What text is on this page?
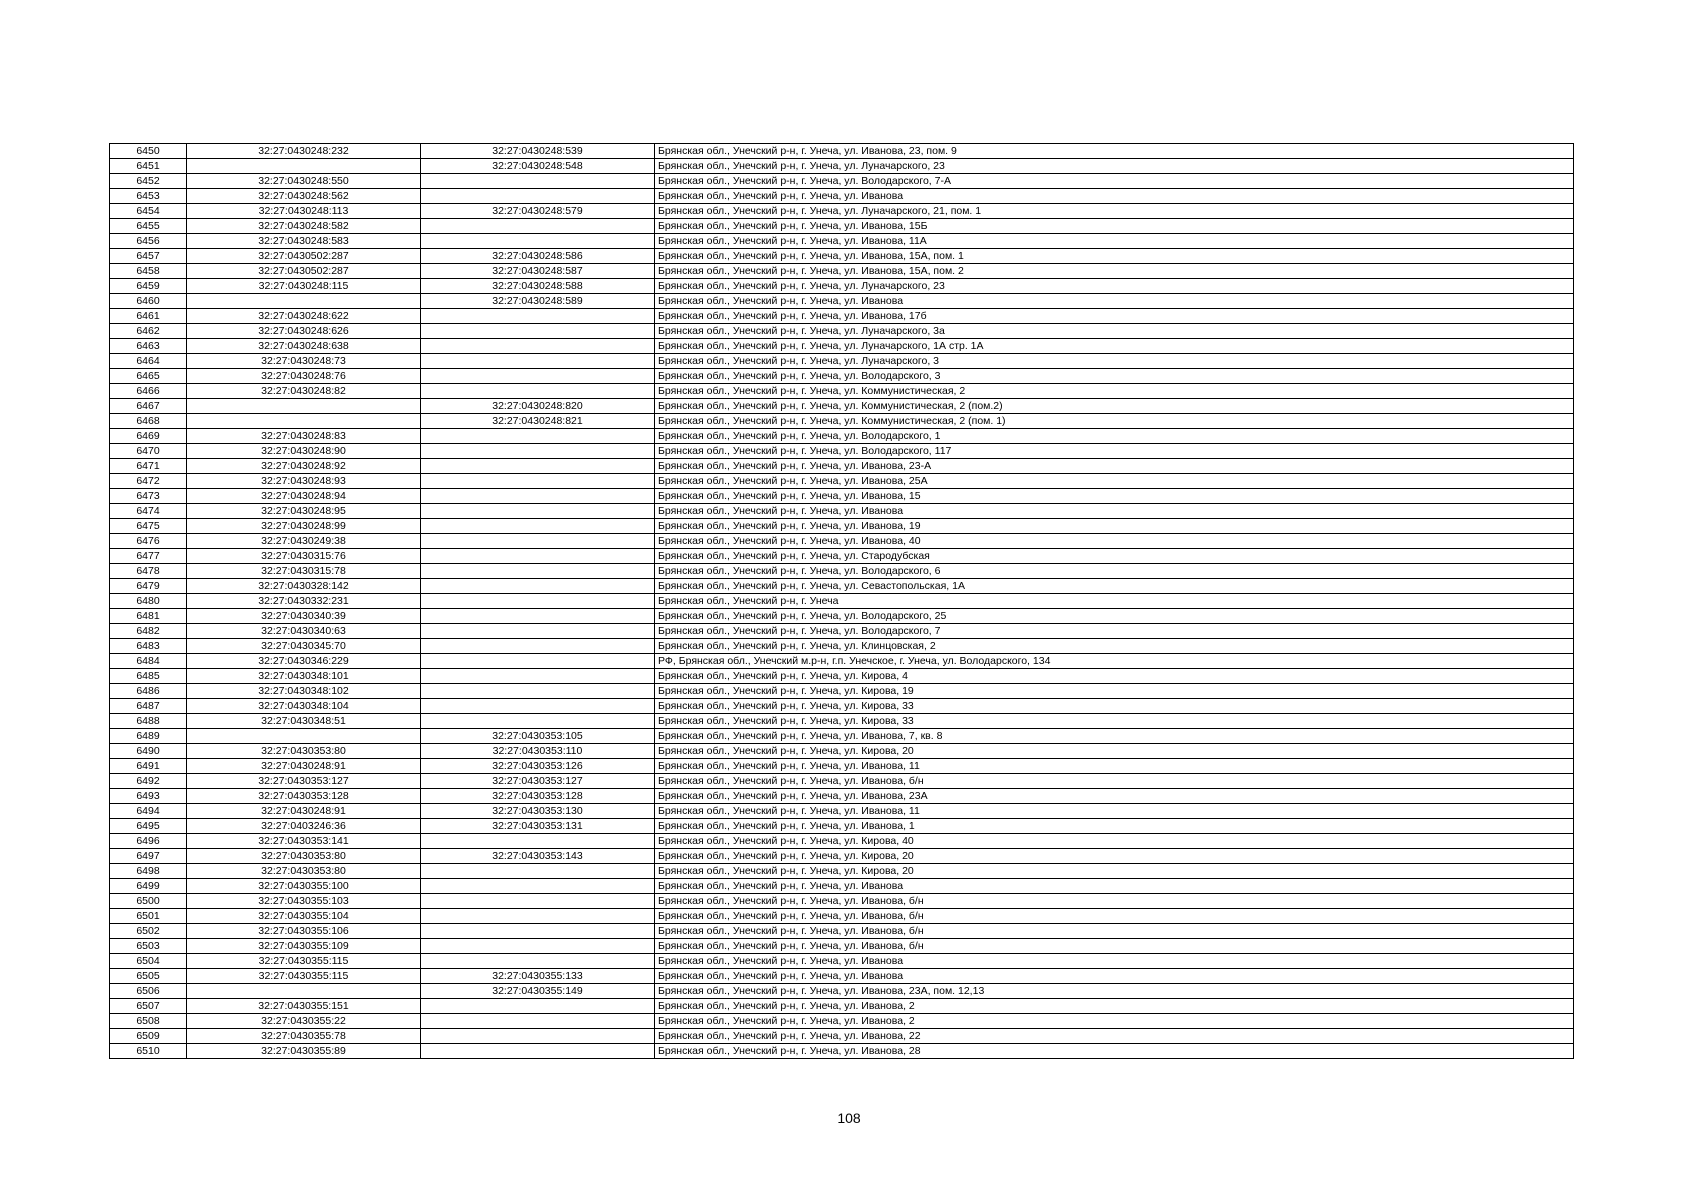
6450	32:27:0430248:232	32:27:0430248:539	Брянская обл., Унечский р-н, г. Унеча, ул. Иванова, 23, пом. 9
6451		32:27:0430248:548	Брянская обл., Унечский р-н, г. Унеча, ул. Луначарского, 23
6452	32:27:0430248:550		Брянская обл., Унечский р-н, г. Унеча, ул. Володарского, 7-А
6453	32:27:0430248:562		Брянская обл., Унечский р-н, г. Унеча, ул. Иванова
6454	32:27:0430248:113	32:27:0430248:579	Брянская обл., Унечский р-н, г. Унеча, ул. Луначарского, 21, пом. 1
6455	32:27:0430248:582		Брянская обл., Унечский р-н, г. Унеча, ул. Иванова, 15Б
6456	32:27:0430248:583		Брянская обл., Унечский р-н, г. Унеча, ул. Иванова, 11А
6457	32:27:0430502:287	32:27:0430248:586	Брянская обл., Унечский р-н, г. Унеча, ул. Иванова, 15А, пом. 1
6458	32:27:0430502:287	32:27:0430248:587	Брянская обл., Унечский р-н, г. Унеча, ул. Иванова, 15А, пом. 2
6459	32:27:0430248:115	32:27:0430248:588	Брянская обл., Унечский р-н, г. Унеча, ул. Луначарского, 23
6460		32:27:0430248:589	Брянская обл., Унечский р-н, г. Унеча, ул. Иванова
6461	32:27:0430248:622		Брянская обл., Унечский р-н, г. Унеча, ул. Иванова, 17б
6462	32:27:0430248:626		Брянская обл., Унечский р-н, г. Унеча, ул. Луначарского, 3а
6463	32:27:0430248:638		Брянская обл., Унечский р-н, г. Унеча, ул. Луначарского, 1А стр. 1А
6464	32:27:0430248:73		Брянская обл., Унечский р-н, г. Унеча, ул. Луначарского, 3
6465	32:27:0430248:76		Брянская обл., Унечский р-н, г. Унеча, ул. Володарского, 3
6466	32:27:0430248:82		Брянская обл., Унечский р-н, г. Унеча, ул. Коммунистическая, 2
6467		32:27:0430248:820	Брянская обл., Унечский р-н, г. Унеча, ул. Коммунистическая, 2 (пом.2)
6468		32:27:0430248:821	Брянская обл., Унечский р-н, г. Унеча, ул. Коммунистическая, 2 (пом. 1)
6469	32:27:0430248:83		Брянская обл., Унечский р-н, г. Унеча, ул. Володарского, 1
6470	32:27:0430248:90		Брянская обл., Унечский р-н, г. Унеча, ул. Володарского, 117
6471	32:27:0430248:92		Брянская обл., Унечский р-н, г. Унеча, ул. Иванова, 23-А
6472	32:27:0430248:93		Брянская обл., Унечский р-н, г. Унеча, ул. Иванова, 25А
6473	32:27:0430248:94		Брянская обл., Унечский р-н, г. Унеча, ул. Иванова, 15
6474	32:27:0430248:95		Брянская обл., Унечский р-н, г. Унеча, ул. Иванова
6475	32:27:0430248:99		Брянская обл., Унечский р-н, г. Унеча, ул. Иванова, 19
6476	32:27:0430249:38		Брянская обл., Унечский р-н, г. Унеча, ул. Иванова, 40
6477	32:27:0430315:76		Брянская обл., Унечский р-н, г. Унеча, ул. Стародубская
6478	32:27:0430315:78		Брянская обл., Унечский р-н, г. Унеча, ул. Володарского, 6
6479	32:27:0430328:142		Брянская обл., Унечский р-н, г. Унеча, ул. Севастопольская, 1А
6480	32:27:0430332:231		Брянская обл., Унечский р-н, г. Унеча
6481	32:27:0430340:39		Брянская обл., Унечский р-н, г. Унеча, ул. Володарского, 25
6482	32:27:0430340:63		Брянская обл., Унечский р-н, г. Унеча, ул. Володарского, 7
6483	32:27:0430345:70		Брянская обл., Унечский р-н, г. Унеча, ул. Клинцовская, 2
6484	32:27:0430346:229		РФ, Брянская обл., Унечский м.р-н, г.п. Унечское, г. Унеча, ул. Володарского, 134
6485	32:27:0430348:101		Брянская обл., Унечский р-н, г. Унеча, ул. Кирова, 4
6486	32:27:0430348:102		Брянская обл., Унечский р-н, г. Унеча, ул. Кирова, 19
6487	32:27:0430348:104		Брянская обл., Унечский р-н, г. Унеча, ул. Кирова, 33
6488	32:27:0430348:51		Брянская обл., Унечский р-н, г. Унеча, ул. Кирова, 33
6489		32:27:0430353:105	Брянская обл., Унечский р-н, г. Унеча, ул. Иванова, 7, кв. 8
6490	32:27:0430353:80	32:27:0430353:110	Брянская обл., Унечский р-н, г. Унеча, ул. Кирова, 20
6491	32:27:0430248:91	32:27:0430353:126	Брянская обл., Унечский р-н, г. Унеча, ул. Иванова, 11
6492	32:27:0430353:127	32:27:0430353:127	Брянская обл., Унечский р-н, г. Унеча, ул. Иванова, б/н
6493	32:27:0430353:128	32:27:0430353:128	Брянская обл., Унечский р-н, г. Унеча, ул. Иванова, 23А
6494	32:27:0430248:91	32:27:0430353:130	Брянская обл., Унечский р-н, г. Унеча, ул. Иванова, 11
6495	32:27:0403246:36	32:27:0430353:131	Брянская обл., Унечский р-н, г. Унеча, ул. Иванова, 1
6496	32:27:0430353:141		Брянская обл., Унечский р-н, г. Унеча, ул. Кирова, 40
6497	32:27:0430353:80	32:27:0430353:143	Брянская обл., Унечский р-н, г. Унеча, ул. Кирова, 20
6498	32:27:0430353:80		Брянская обл., Унечский р-н, г. Унеча, ул. Кирова, 20
6499	32:27:0430355:100		Брянская обл., Унечский р-н, г. Унеча, ул. Иванова
6500	32:27:0430355:103		Брянская обл., Унечский р-н, г. Унеча, ул. Иванова, б/н
6501	32:27:0430355:104		Брянская обл., Унечский р-н, г. Унеча, ул. Иванова, б/н
6502	32:27:0430355:106		Брянская обл., Унечский р-н, г. Унеча, ул. Иванова, б/н
6503	32:27:0430355:109		Брянская обл., Унечский р-н, г. Унеча, ул. Иванова, б/н
6504	32:27:0430355:115		Брянская обл., Унечский р-н, г. Унеча, ул. Иванова
6505	32:27:0430355:115	32:27:0430355:133	Брянская обл., Унечский р-н, г. Унеча, ул. Иванова
6506		32:27:0430355:149	Брянская обл., Унечский р-н, г. Унеча, ул. Иванова, 23А, пом. 12,13
6507	32:27:0430355:151		Брянская обл., Унечский р-н, г. Унеча, ул. Иванова, 2
6508	32:27:0430355:22		Брянская обл., Унечский р-н, г. Унеча, ул. Иванова, 2
6509	32:27:0430355:78		Брянская обл., Унечский р-н, г. Унеча, ул. Иванова, 22
6510	32:27:0430355:89		Брянская обл., Унечский р-н, г. Унеча, ул. Иванова, 28
108
